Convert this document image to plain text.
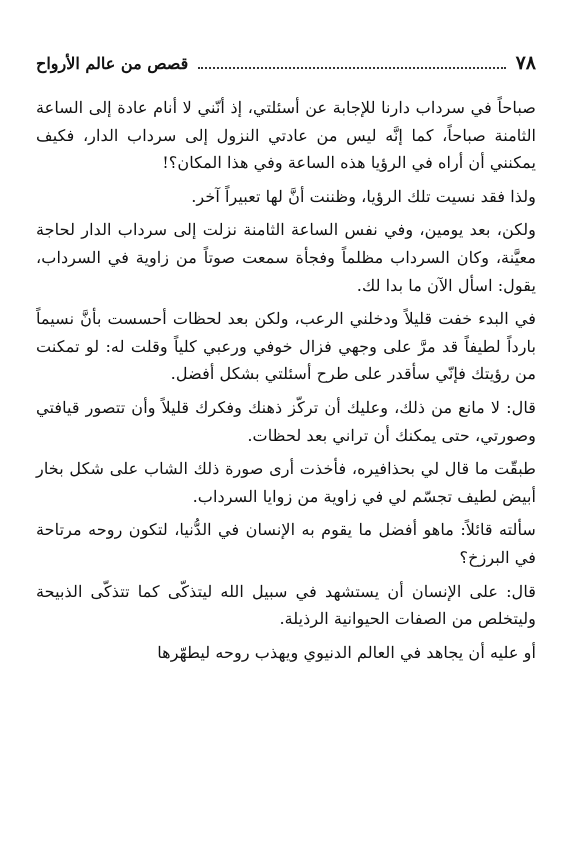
٧٨
قصص من عالم الأرواح

صباحاً في سرداب دارنا للإجابة عن أسئلتي، إذ أنّني لا أنام عادة إلى الساعة الثامنة صباحاً، كما إنَّه ليس من عادتي النزول إلى سرداب الدار، فكيف يمكنني أن أراه في الرؤيا هذه الساعة وفي هذا المكان؟!

ولذا فقد نسيت تلك الرؤيا، وظننت أنَّ لها تعبيراً آخر.

ولكن، بعد يومين، وفي نفس الساعة الثامنة نزلت إلى سرداب الدار لحاجة معيَّنة، وكان السرداب مظلماً وفجأة سمعت صوتاً من زاوية في السرداب، يقول: اسأل الآن ما بدا لك.

في البدء خفت قليلاً ودخلني الرعب، ولكن بعد لحظات أحسست بأنَّ نسيماً بارداً لطيفاً قد مرَّ على وجهي فزال خوفي ورعبي كلياً وقلت له: لو تمكنت من رؤيتك فإنّي سأقدر على طرح أسئلتي بشكل أفضل.

قال: لا مانع من ذلك، وعليك أن تركّز ذهنك وفكرك قليلاً وأن تتصور قيافتي وصورتي، حتى يمكنك أن تراني بعد لحظات.

طبقّت ما قال لي بحذافيره، فأخذت أرى صورة ذلك الشاب على شكل بخار أبيض لطيف تجسّم لي في زاوية من زوايا السرداب.

سألته قائلاً: ماهو أفضل ما يقوم به الإنسان في الدُّنيا، لتكون روحه مرتاحة في البرزخ؟

قال: على الإنسان أن يستشهد في سبيل الله ليتذكّى كما تتذكّى الذبيحة وليتخلص من الصفات الحيوانية الرذيلة.

أو عليه أن يجاهد في العالم الدنيوي ويهذب روحه ليطهّرها
